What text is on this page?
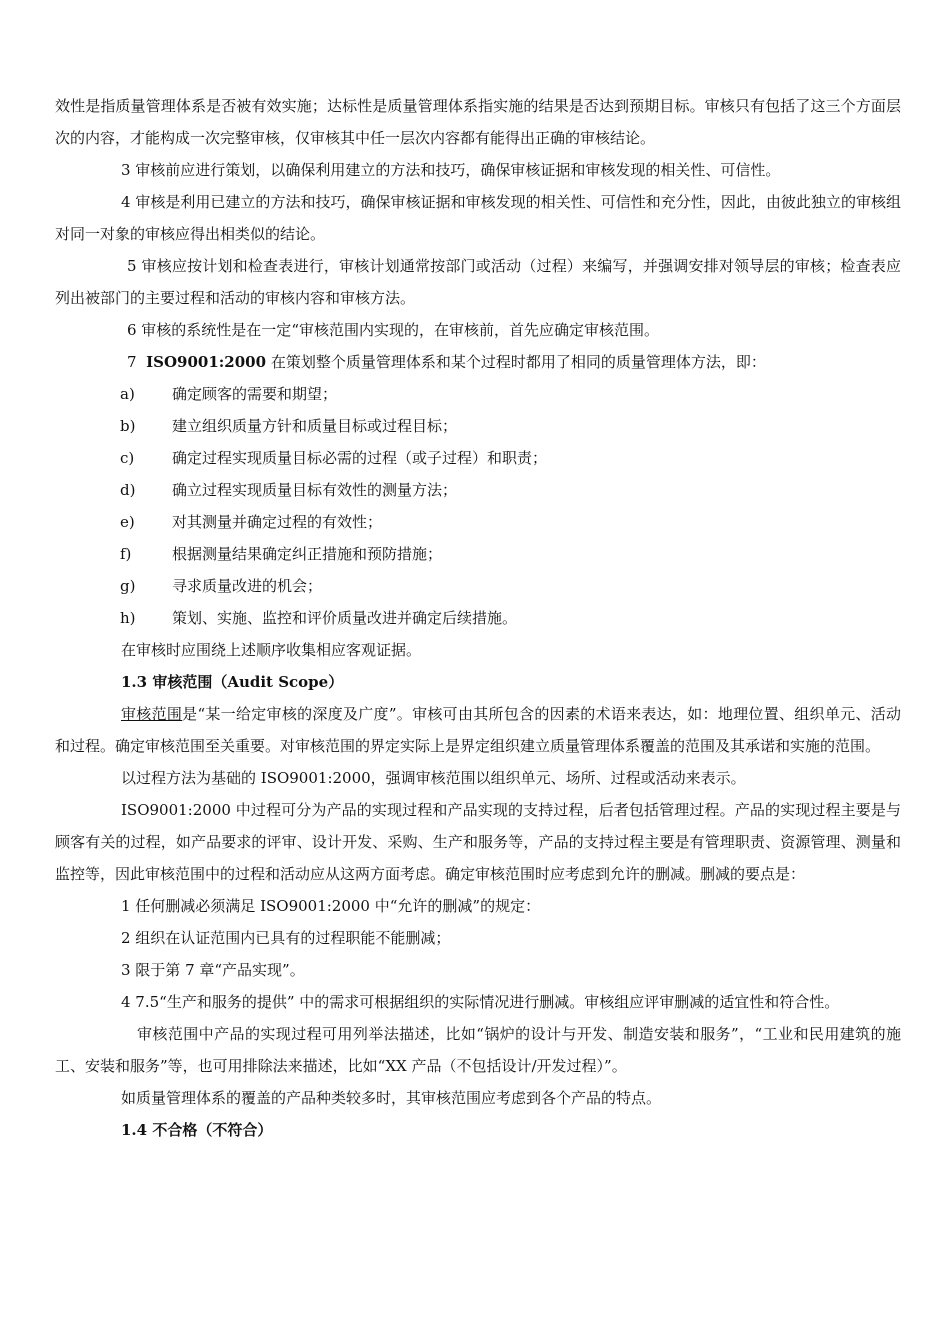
效性是指质量管理体系是否被有效实施；达标性是质量管理体系指实施的结果是否达到预期目标。审核只有包括了这三个方面层次的内容，才能构成一次完整审核，仅审核其中任一层次内容都有能得出正确的审核结论。

3 审核前应进行策划，以确保利用建立的方法和技巧，确保审核证据和审核发现的相关性、可信性。

4 审核是利用已建立的方法和技巧，确保审核证据和审核发现的相关性、可信性和充分性，因此，由彼此独立的审核组对同一对象的审核应得出相类似的结论。

5 审核应按计划和检查表进行，审核计划通常按部门或活动（过程）来编写，并强调安排对领导层的审核；检查表应列出被部门的主要过程和活动的审核内容和审核方法。

6 审核的系统性是在一定“审核范围内实现的，在审核前，首先应确定审核范围。

7 ISO9001:2000 在策划整个质量管理体系和某个过程时都用了相同的质量管理体方法，即：

a)	确定顾客的需要和期望；
b)	建立组织质量方针和质量目标或过程目标；
c)	确定过程实现质量目标必需的过程（或子过程）和职责；
d)	确立过程实现质量目标有效性的测量方法；
e)	对其测量并确定过程的有效性；
f)	根据测量结果确定纠正措施和预防措施；
g)	寻求质量改进的机会；
h)	策划、实施、监控和评价质量改进并确定后续措施。

在审核时应围绕上述顺序收集相应客观证据。

1.3 审核范围（Audit Scope）

审核范围是“某一给定审核的深度及广度”。审核可由其所包含的因素的术语来表达，如：地理位置、组织单元、活动和过程。确定审核范围至关重要。对审核范围的界定实际上是界定组织建立质量管理体系覆盖的范围及其承诺和实施的范围。

以过程方法为基础的 ISO9001:2000，强调审核范围以组织单元、场所、过程或活动来表示。

ISO9001:2000 中过程可分为产品的实现过程和产品实现的支持过程，后者包括管理过程。产品的实现过程主要是与顾客有关的过程，如产品要求的评审、设计开发、采购、生产和服务等，产品的支持过程主要是有管理职责、资源管理、测量和监控等，因此审核范围中的过程和活动应从这两方面考虑。确定审核范围时应考虑到允许的删减。删减的要点是：

1 任何删减必须满足 ISO9001:2000 中“允许的删减”的规定：

2 组织在认证范围内已具有的过程职能不能删减；

3 限于第 7 章“产品实现”。

4 7.5“生产和服务的提供” 中的需求可根据组织的实际情况进行删减。审核组应评审删减的适宜性和符合性。

审核范围中产品的实现过程可用列举法描述，比如“锅炉的设计与开发、制造安装和服务”，“工业和民用建筑的施工、安装和服务”等，也可用排除法来描述，比如“XX 产品（不包括设计/开发过程）”。

如质量管理体系的覆盖的产品种类较多时，其审核范围应考虑到各个产品的特点。

1.4 不合格（不符合）
